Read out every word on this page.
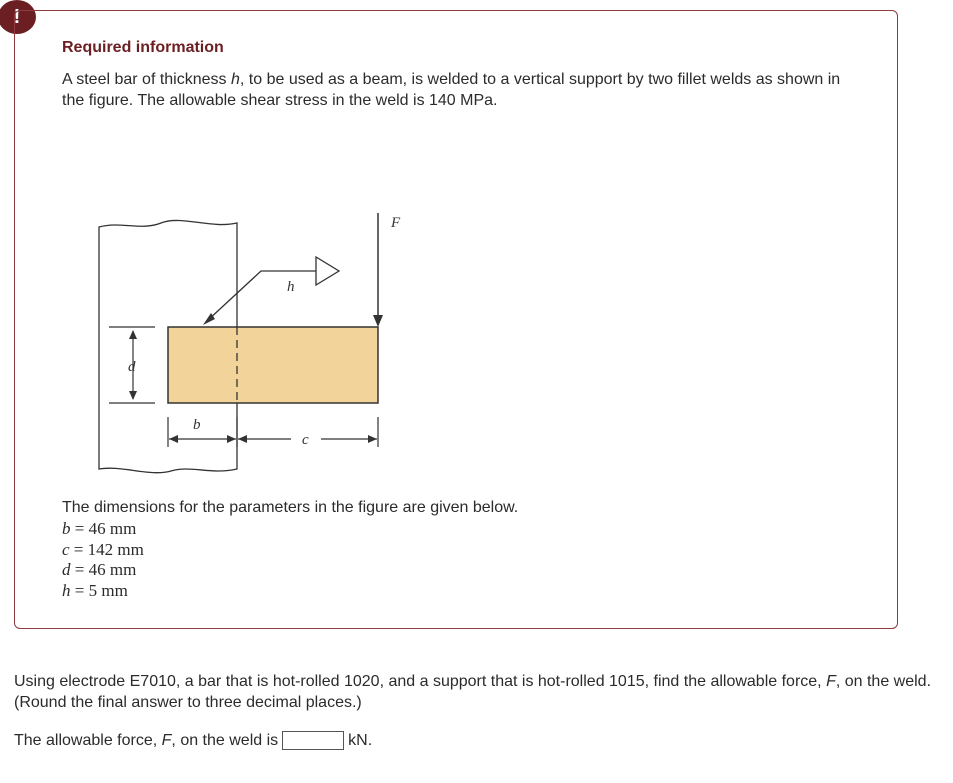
!
Required information
A steel bar of thickness h, to be used as a beam, is welded to a vertical support by two fillet welds as shown in the figure. The allowable shear stress in the weld is 140 MPa.
F
h
d
b
c
The dimensions for the parameters in the figure are given below.
b = 46 mm
c = 142 mm
d = 46 mm
h = 5 mm
Using electrode E7010, a bar that is hot-rolled 1020, and a support that is hot-rolled 1015, find the allowable force, F, on the weld. (Round the final answer to three decimal places.)
The allowable force, F , on the weld is	kN.
